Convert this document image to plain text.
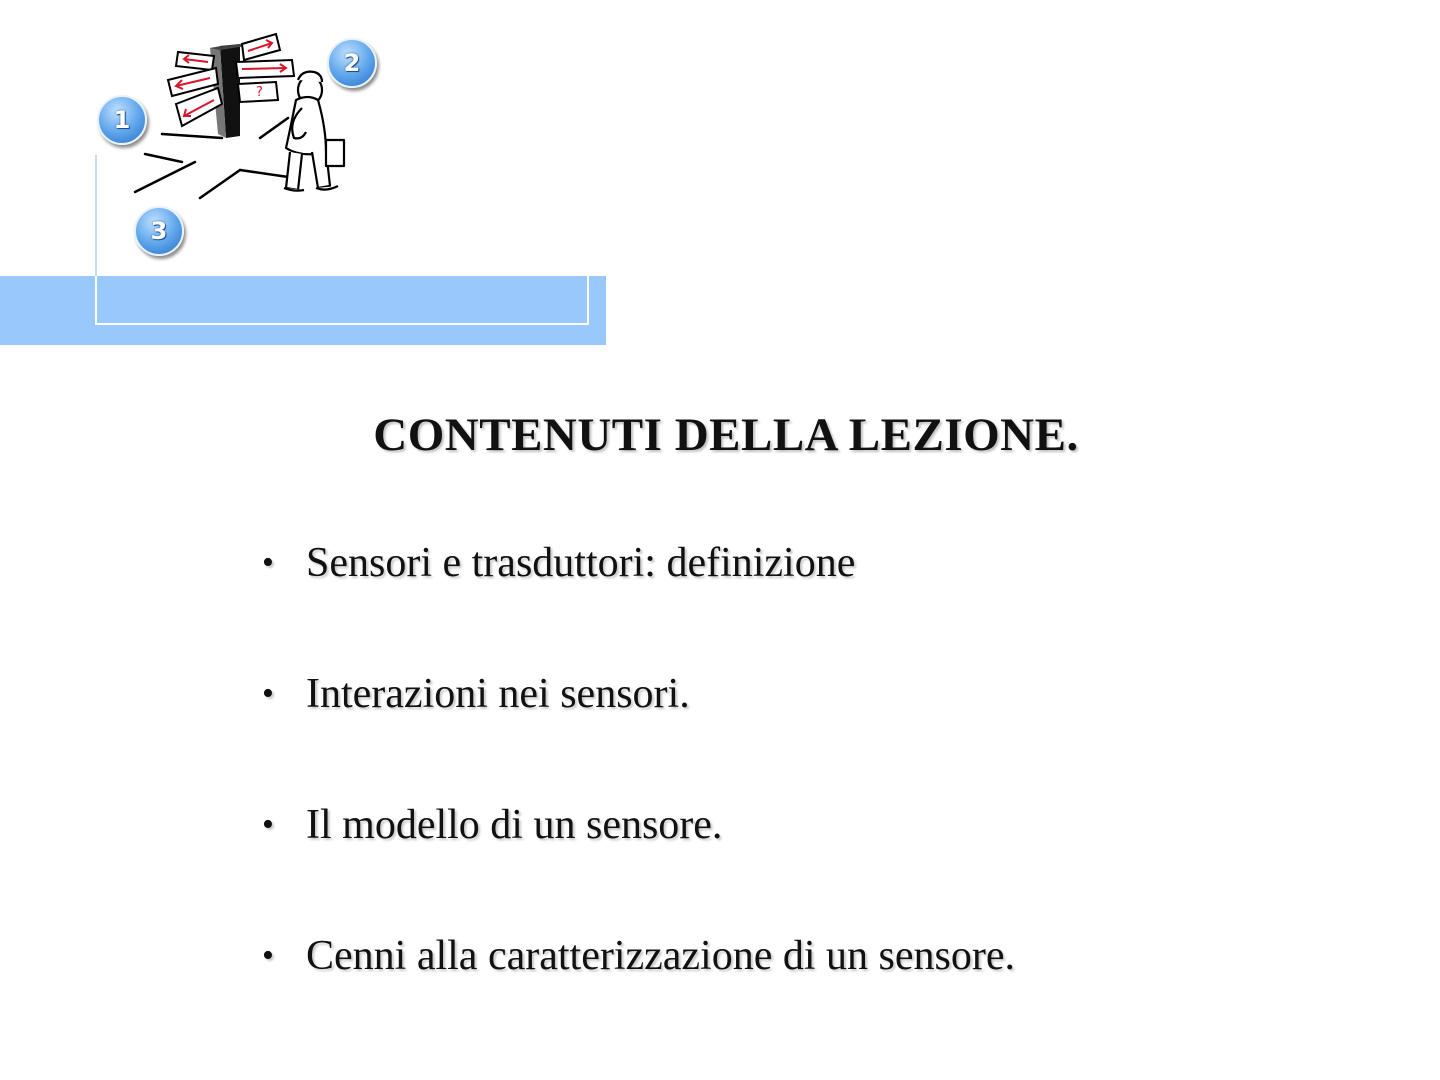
?
1
2
3
CONTENUTI DELLA LEZIONE.
• Sensori e trasduttori: definizione
• Interazioni nei sensori.
• Il modello di un sensore.
• Cenni alla caratterizzazione di un sensore.
